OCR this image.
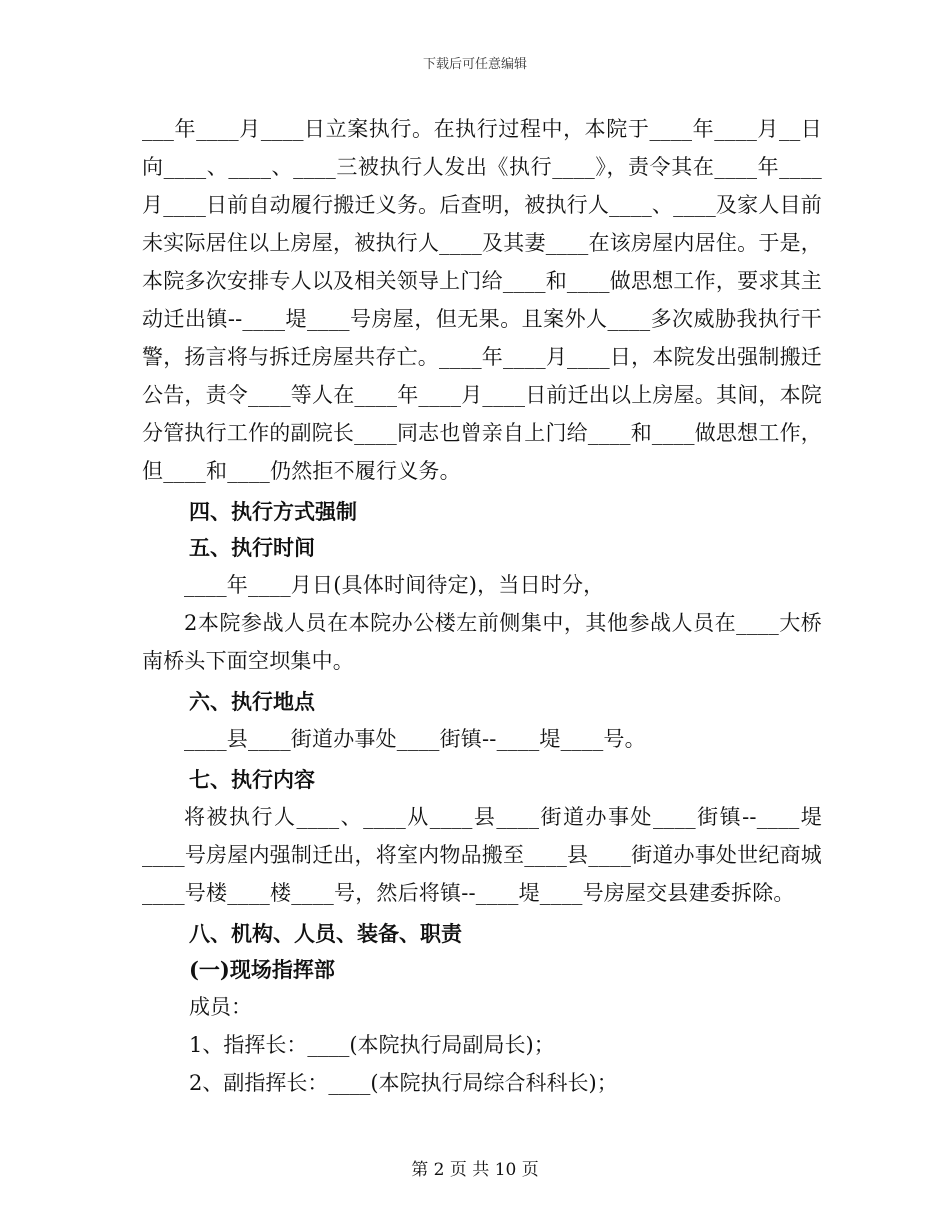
下载后可任意编辑

___年____月____日立案执行。在执行过程中，本院于____年____月__日向____、____、____三被执行人发出《执行____》，责令其在____年____月____日前自动履行搬迁义务。后查明，被执行人____、____及家人目前未实际居住以上房屋，被执行人____及其妻____在该房屋内居住。于是，本院多次安排专人以及相关领导上门给____和____做思想工作，要求其主动迁出镇--____堤____号房屋，但无果。且案外人____多次威胁我执行干警，扬言将与拆迁房屋共存亡。____年____月____日，本院发出强制搬迁公告，责令____等人在____年____月____日前迁出以上房屋。其间，本院分管执行工作的副院长____同志也曾亲自上门给____和____做思想工作，但____和____仍然拒不履行义务。

四、执行方式强制

五、执行时间

____年____月日(具体时间待定)，当日时分，

2本院参战人员在本院办公楼左前侧集中，其他参战人员在____大桥南桥头下面空坝集中。

六、执行地点

____县____街道办事处____街镇--____堤____号。

七、执行内容

将被执行人____、____从____县____街道办事处____街镇--____堤____号房屋内强制迁出，将室内物品搬至____县____街道办事处世纪商城____号楼____楼____号，然后将镇--____堤____号房屋交县建委拆除。

八、机构、人员、装备、职责

(一)现场指挥部

成员：

1、指挥长：____(本院执行局副局长)；

2、副指挥长：____(本院执行局综合科科长)；

第 2 页 共 10 页
